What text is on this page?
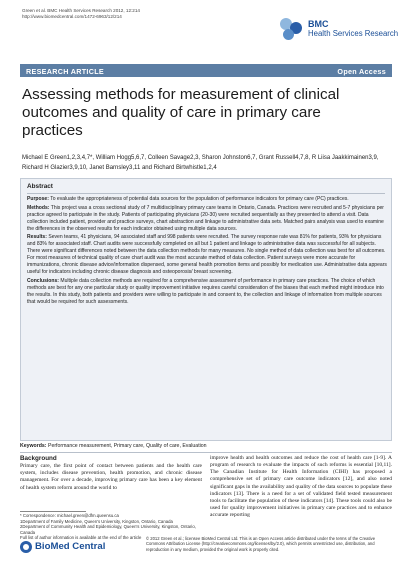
Green et al. BMC Health Services Research 2012, 12:214
http://www.biomedcentral.com/1472-6963/12/214
BMC
Health Services Research
RESEARCH ARTICLE	Open Access
Assessing methods for measurement of clinical outcomes and quality of care in primary care practices
Michael E Green1,2,3,4,7*, William Hogg5,6,7, Colleen Savage2,3, Sharon Johnston6,7, Grant Russell4,7,8, R Liisa Jaakkimainen3,9, Richard H Glazier3,9,10, Janet Barnsley3,11 and Richard Birtwhistle1,2,4
Abstract

Purpose: To evaluate the appropriateness of potential data sources for the population of performance indicators for primary care (PC) practices.

Methods: This project was a cross sectional study of 7 multidisciplinary primary care teams in Ontario, Canada. Practices were recruited and 5-7 physicians per practice agreed to participate in the study. Patients of participating physicians (20-30) were recruited sequentially as they presented to attend a visit. Data collection included patient, provider and practice surveys, chart abstraction and linkage to administrative data sets. Matched pairs analysis was used to examine the differences in the observed results for each indicator obtained using multiple data sources.

Results: Seven teams, 41 physicians, 94 associated staff and 998 patients were recruited. The survey response rate was 81% for patients, 93% for physicians and 83% for associated staff. Chart audits were successfully completed on all but 1 patient and linkage to administrative data was successful for all subjects. There were significant differences noted between the data collection methods for many measures. No single method of data collection was best for all outcomes. For most measures of technical quality of care chart audit was the most accurate method of data collection. Patient surveys were more accurate for immunizations, chronic disease advice/information dispensed, some general health promotion items and possibly for medication use. Administrative data appears useful for indicators including chronic disease diagnosis and osteoporosis/ breast screening.

Conclusions: Multiple data collection methods are required for a comprehensive assessment of performance in primary care practices. The choice of which methods are best for any one particular study or quality improvement initiative requires careful consideration of the biases that each method might introduce into the results. In this study, both patients and providers were willing to participate in and consent to, the collection and linkage of information from multiple sources that would be required for such assessments.

Keywords: Performance measurement, Primary care, Quality of care, Evaluation
Background
Primary care, the first point of contact between patients and the health care system, includes disease prevention, health promotion, and chronic disease management. For over a decade, improving primary care has been a key element of health system reform around the world to
improve health and health outcomes and reduce the cost of health care [1-9]. A program of research to evaluate the impacts of such reforms is essential [10,11]. The Canadian Institute for Health Information (CIHI) has proposed a comprehensive set of primary care outcome indicators [12], and also noted significant gaps in the availability and quality of the data sources to populate these indicators [13]. There is a need for a set of validated field tested measurement tools to facilitate the population of these indicators [14]. These tools could also be used for quality improvement initiatives in primary care practices and to enhance accurate reporting
* Correspondence: michael.green@dfm.queensu.ca
1Department of Family Medicine, Queen's University, Kingston, Ontario, Canada
2Department of Community Health and Epidemiology, Queen's University, Kingston, Ontario, Canada
Full list of author information is available at the end of the article
BioMed Central
© 2012 Green et al.; licensee BioMed Central Ltd. This is an Open Access article distributed under the terms of the Creative Commons Attribution License (http://creativecommons.org/licenses/by/2.0), which permits unrestricted use, distribution, and reproduction in any medium, provided the original work is properly cited.
